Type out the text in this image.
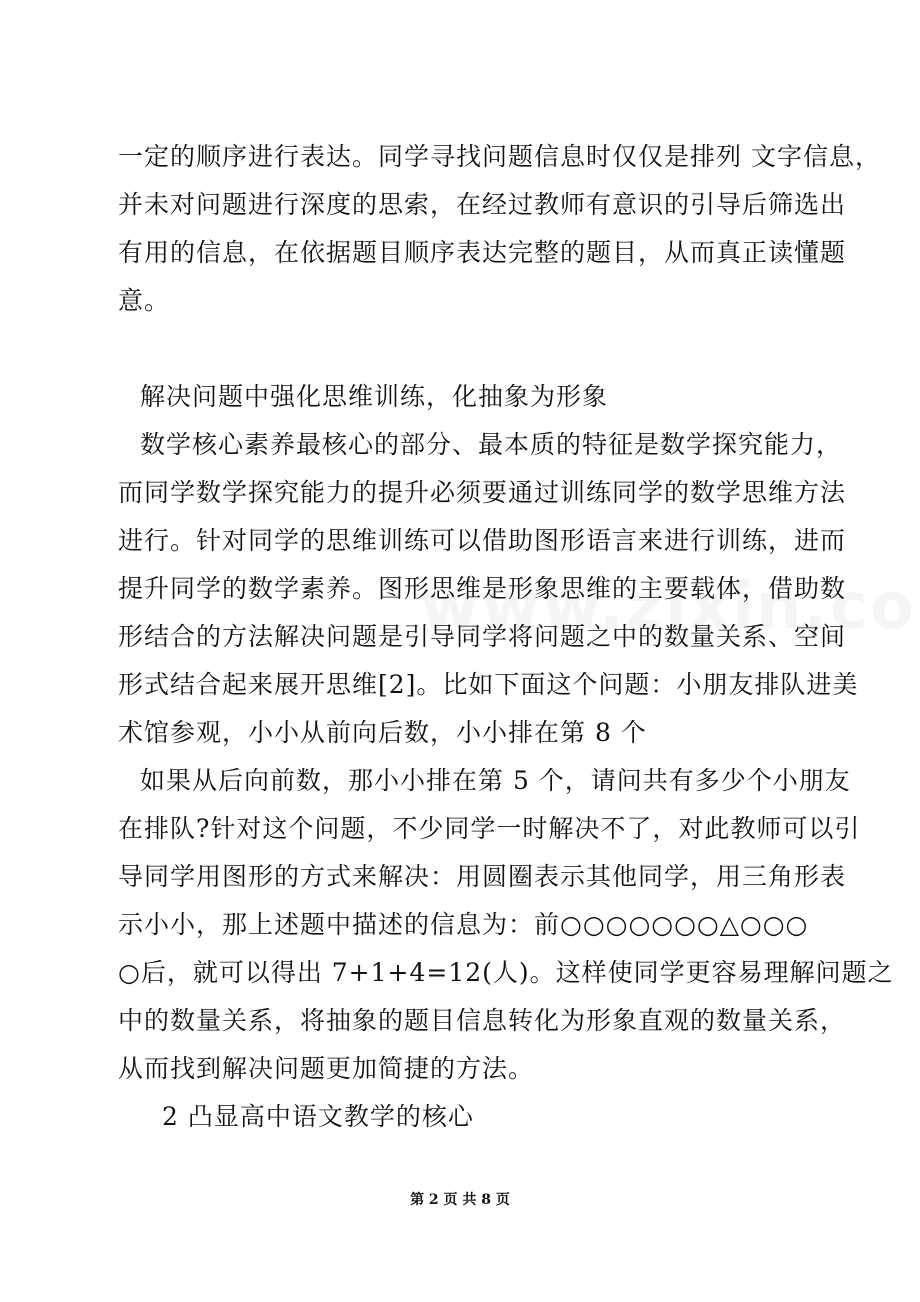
一定的顺序进行表达。同学寻找问题信息时仅仅是排列 文字信息，
并未对问题进行深度的思索，在经过教师有意识的引导后筛选出
有用的信息，在依据题目顺序表达完整的题目，从而真正读懂题
意。
解决问题中强化思维训练，化抽象为形象
数学核心素养最核心的部分、最本质的特征是数学探究能力，
而同学数学探究能力的提升必须要通过训练同学的数学思维方法
进行。针对同学的思维训练可以借助图形语言来进行训练，进而
提升同学的数学素养。图形思维是形象思维的主要载体，借助数
形结合的方法解决问题是引导同学将问题之中的数量关系、空间
形式结合起来展开思维[2]。比如下面这个问题：小朋友排队进美
术馆参观，小小从前向后数，小小排在第 8 个
如果从后向前数，那小小排在第 5 个，请问共有多少个小朋友
在排队?针对这个问题，不少同学一时解决不了，对此教师可以引
导同学用图形的方式来解决：用圆圈表示其他同学，用三角形表
示小小，那上述题中描述的信息为：前○○○○○○○△○○○
○后，就可以得出 7+1+4=12(人)。这样使同学更容易理解问题之
中的数量关系，将抽象的题目信息转化为形象直观的数量关系，
从而找到解决问题更加简捷的方法。
2 凸显高中语文教学的核心
第 2 页 共 8 页
